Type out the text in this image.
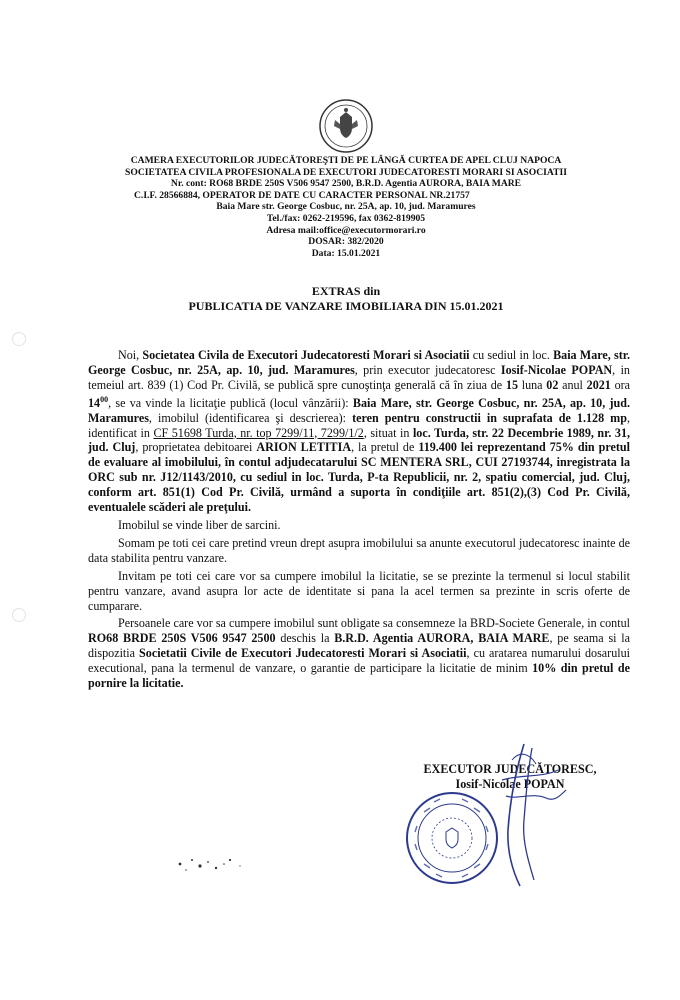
CAMERA EXECUTORILOR JUDECĂTOREŞTI DE PE LÂNGĂ CURTEA DE APEL CLUJ NAPOCA
SOCIETATEA CIVILA PROFESIONALA DE EXECUTORI JUDECATORESTI MORARI SI ASOCIATII
Nr. cont: RO68 BRDE 250S V506 9547 2500, B.R.D. Agentia AURORA, BAIA MARE
C.I.F. 28566884, OPERATOR DE DATE CU CARACTER PERSONAL NR.21757
Baia Mare str. George Cosbuc, nr. 25A, ap. 10, jud. Maramures
Tel./fax: 0262-219596, fax 0362-819905
Adresa mail:office@executormorari.ro
DOSAR: 382/2020
Data: 15.01.2021
EXTRAS din
PUBLICATIA DE VANZARE IMOBILIARA DIN 15.01.2021

Noi, Societatea Civila de Executori Judecatoresti Morari si Asociatii cu sediul in loc. Baia Mare, str. George Cosbuc, nr. 25A, ap. 10, jud. Maramures, prin executor judecatoresc Iosif-Nicolae POPAN, in temeiul art. 839 (1) Cod Pr. Civilă, se publică spre cunoştinţa generală că în ziua de 15 luna 02 anul 2021 ora $14^{00}$, se va vinde la licitaţie publică (locul vânzării): Baia Mare, str. George Cosbuc, nr. 25A, ap. 10, jud. Maramures, imobilul (identificarea şi descrierea): teren pentru constructii in suprafata de 1.128 mp, identificat in CF 51698 Turda, nr. top 7299/11, 7299/1/2, situat in loc. Turda, str. 22 Decembrie 1989, nr. 31, jud. Cluj, proprietatea debitoarei ARION LETITIA, la pretul de 119.400 lei reprezentand 75% din pretul de evaluare al imobilului, în contul adjudecatarului SC MENTERA SRL, CUI 27193744, inregistrata la ORC sub nr. J12/1143/2010, cu sediul in loc. Turda, P-ta Republicii, nr. 2, spatiu comercial, jud. Cluj, conform art. 851(1) Cod Pr. Civilă, urmând a suporta în condiţiile art. 851(2),(3) Cod Pr. Civilă, eventualele scăderi ale preţului.

Imobilul se vinde liber de sarcini.

Somam pe toti cei care pretind vreun drept asupra imobilului sa anunte executorul judecatoresc inainte de data stabilita pentru vanzare.

Invitam pe toti cei care vor sa cumpere imobilul la licitatie, se se prezinte la termenul si locul stabilit pentru vanzare, avand asupra lor acte de identitate si pana la acel termen sa prezinte in scris oferte de cumparare.

Persoanele care vor sa cumpere imobilul sunt obligate sa consemneze la BRD-Societe Generale, in contul RO68 BRDE 250S V506 9547 2500 deschis la B.R.D. Agentia AURORA, BAIA MARE, pe seama si la dispozitia Societatii Civile de Executori Judecatoresti Morari si Asociatii, cu aratarea numarului dosarului executional, pana la termenul de vanzare, o garantie de participare la licitatie de minim 10% din pretul de pornire la licitatie.

EXECUTOR JUDECĂTORESC,
Iosif-Nicolae POPAN
